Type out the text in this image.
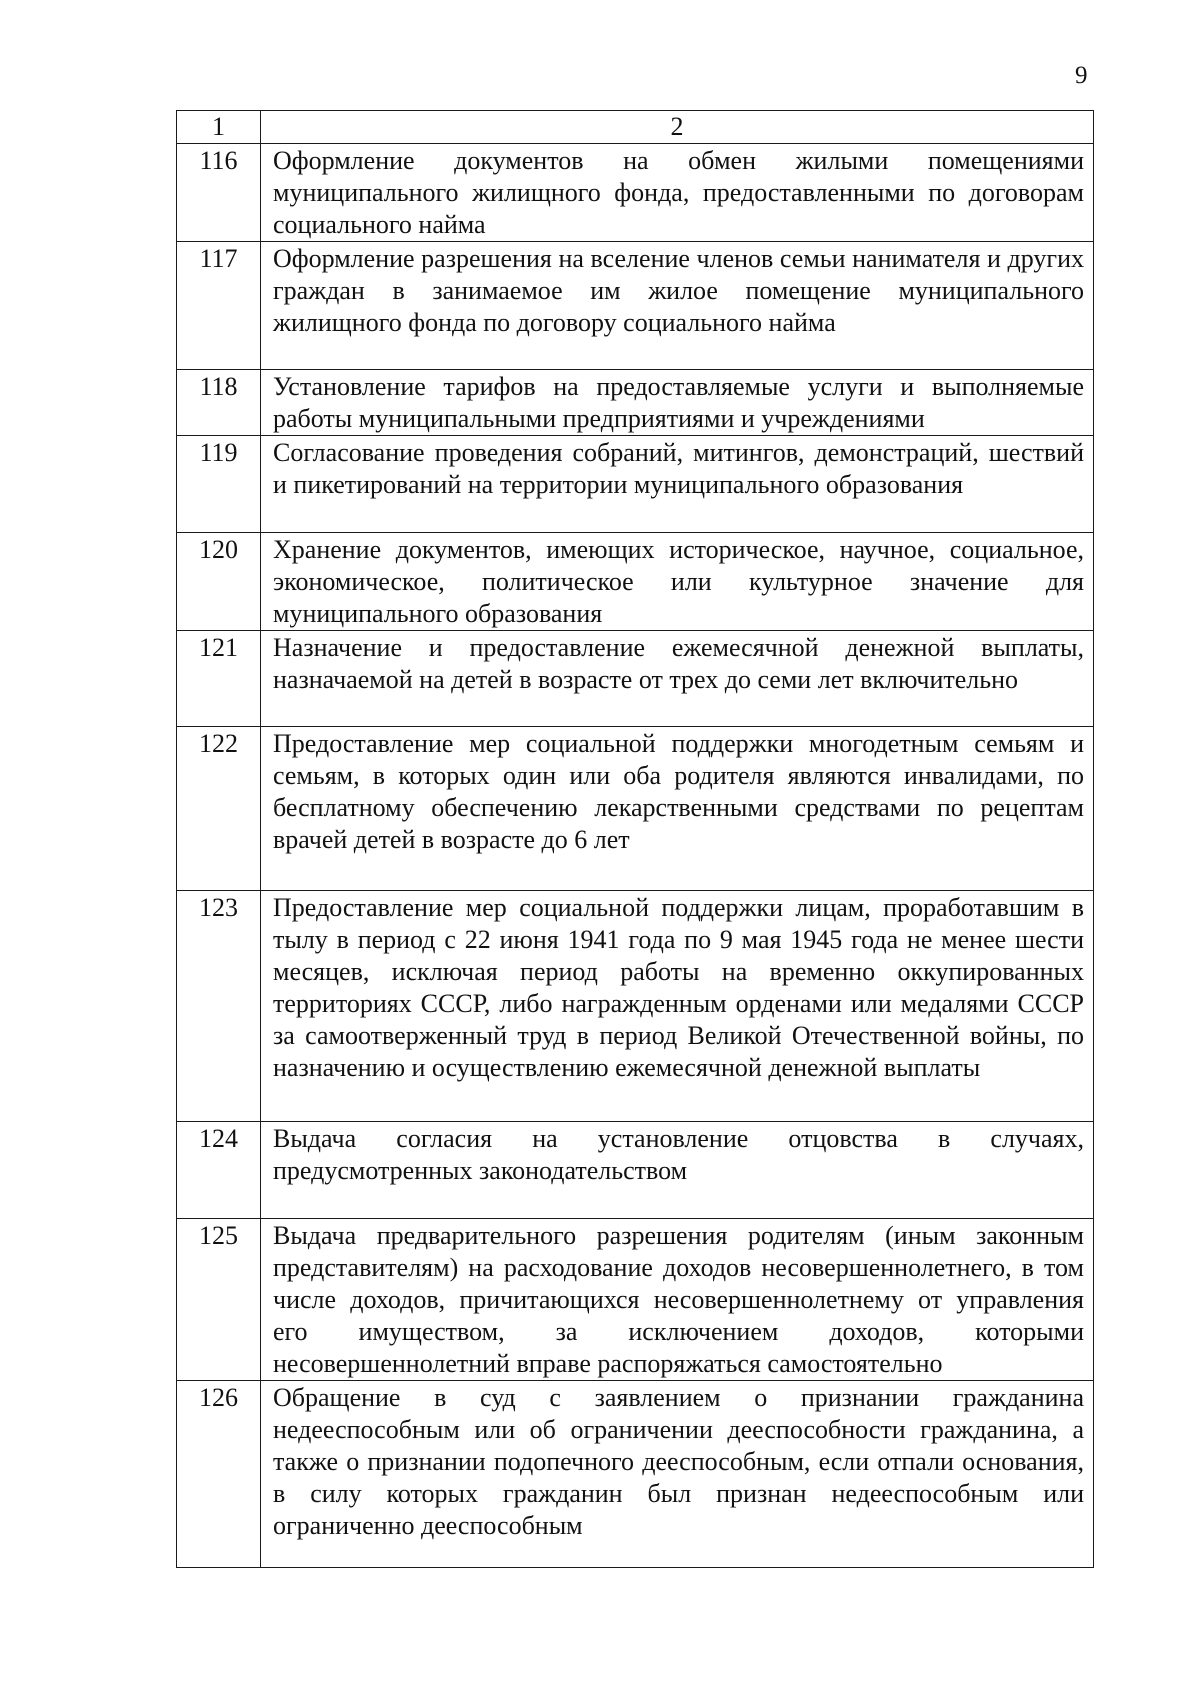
9
1	2
116	Оформление документов на обмен жилыми помещениями муниципального жилищного фонда, предоставленными по договорам социального найма
117	Оформление разрешения на вселение членов семьи нанимателя и других граждан в занимаемое им жилое помещение муниципального жилищного фонда по договору социального найма
118	Установление тарифов на предоставляемые услуги и выполняемые работы муниципальными предприятиями и учреждениями
119	Согласование проведения собраний, митингов, демонстраций, шествий и пикетирований на территории муниципального образования
120	Хранение документов, имеющих историческое, научное, социальное, экономическое, политическое или культурное значение для муниципального образования
121	Назначение и предоставление ежемесячной денежной выплаты, назначаемой на детей в возрасте от трех до семи лет включительно
122	Предоставление мер социальной поддержки многодетным семьям и семьям, в которых один или оба родителя являются инвалидами, по бесплатному обеспечению лекарственными средствами по рецептам врачей детей в возрасте до 6 лет
123	Предоставление мер социальной поддержки лицам, проработавшим в тылу в период с 22 июня 1941 года по 9 мая 1945 года не менее шести месяцев, исключая период работы на временно оккупированных территориях СССР, либо награжденным орденами или медалями СССР за самоотверженный труд в период Великой Отечественной войны, по назначению и осуществлению ежемесячной денежной выплаты
124	Выдача согласия на установление отцовства в случаях, предусмотренных законодательством
125	Выдача предварительного разрешения родителям (иным законным представителям) на расходование доходов несовершеннолетнего, в том числе доходов, причитающихся несовершеннолетнему от управления его имуществом, за исключением доходов, которыми несовершеннолетний вправе распоряжаться самостоятельно
126	Обращение в суд с заявлением о признании гражданина недееспособным или об ограничении дееспособности гражданина, а также о признании подопечного дееспособным, если отпали основания, в силу которых гражданин был признан недееспособным или ограниченно дееспособным
